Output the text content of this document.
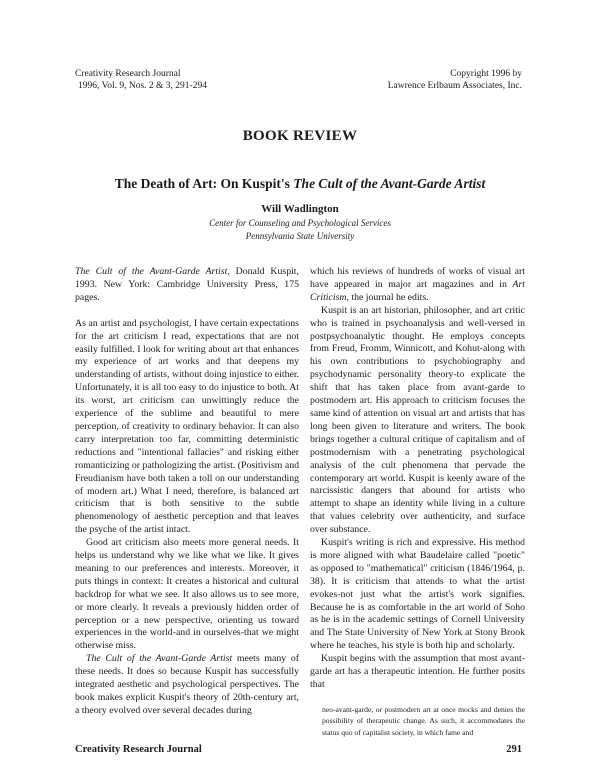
Creativity Research Journal
1996, Vol. 9, Nos. 2 & 3, 291-294
Copyright 1996 by
Lawrence Erlbaum Associates, Inc.
BOOK REVIEW
The Death of Art: On Kuspit's The Cult of the Avant-Garde Artist
Will Wadlington
Center for Counseling and Psychological Services
Pennsylvania State University

The Cult of the Avant-Garde Artist, Donald Kuspit, 1993. New York: Cambridge University Press, 175 pages.

As an artist and psychologist, I have certain expectations for the art criticism I read, expectations that are not easily fulfilled. I look for writing about art that enhances my experience of art works and that deepens my understanding of artists, without doing injustice to either. Unfortunately, it is all too easy to do injustice to both. At its worst, art criticism can unwittingly reduce the experience of the sublime and beautiful to mere perception, of creativity to ordinary behavior. It can also carry interpretation too far, committing deterministic reductions and "intentional fallacies" and risking either romanticizing or pathologizing the artist. (Positivism and Freudianism have both taken a toll on our understanding of modern art.) What I need, therefore, is balanced art criticism that is both sensitive to the subtle phenomenology of aesthetic perception and that leaves the psyche of the artist intact.

Good art criticism also meets more general needs. It helps us understand why we like what we like. It gives meaning to our preferences and interests. Moreover, it puts things in context: It creates a historical and cultural backdrop for what we see. It also allows us to see more, or more clearly. It reveals a previously hidden order of perception or a new perspective, orienting us toward experiences in the world-and in ourselves-that we might otherwise miss.

The Cult of the Avant-Garde Artist meets many of these needs. It does so because Kuspit has successfully integrated aesthetic and psychological perspectives. The book makes explicit Kuspit's theory of 20th-century art, a theory evolved over several decades during

which his reviews of hundreds of works of visual art have appeared in major art magazines and in Art Criticism, the journal he edits.

Kuspit is an art historian, philosopher, and art critic who is trained in psychoanalysis and well-versed in postpsychoanalytic thought. He employs concepts from Freud, Fromm, Winnicott, and Kohut-along with his own contributions to psychobiography and psychodynamic personality theory-to explicate the shift that has taken place from avant-garde to postmodern art. His approach to criticism focuses the same kind of attention on visual art and artists that has long been given to literature and writers. The book brings together a cultural critique of capitalism and of postmodernism with a penetrating psychological analysis of the cult phenomena that pervade the contemporary art world. Kuspit is keenly aware of the narcissistic dangers that abound for artists who attempt to shape an identity while living in a culture that values celebrity over authenticity, and surface over substance.

Kuspit's writing is rich and expressive. His method is more aligned with what Baudelaire called "poetic" as opposed to "mathematical" criticism (1846/1964, p. 38). It is criticism that attends to what the artist evokes-not just what the artist's work signifies. Because he is as comfortable in the art world of Soho as he is in the academic settings of Cornell University and The State University of New York at Stony Brook where he teaches, his style is both hip and scholarly.

Kuspit begins with the assumption that most avant-garde art has a therapeutic intention. He further posits that

neo-avant-garde, or postmodern art at once mocks and denies the possibility of therapeutic change. As such, it accommodates the status quo of capitalist society, in which fame and

Creativity Research Journal	291
